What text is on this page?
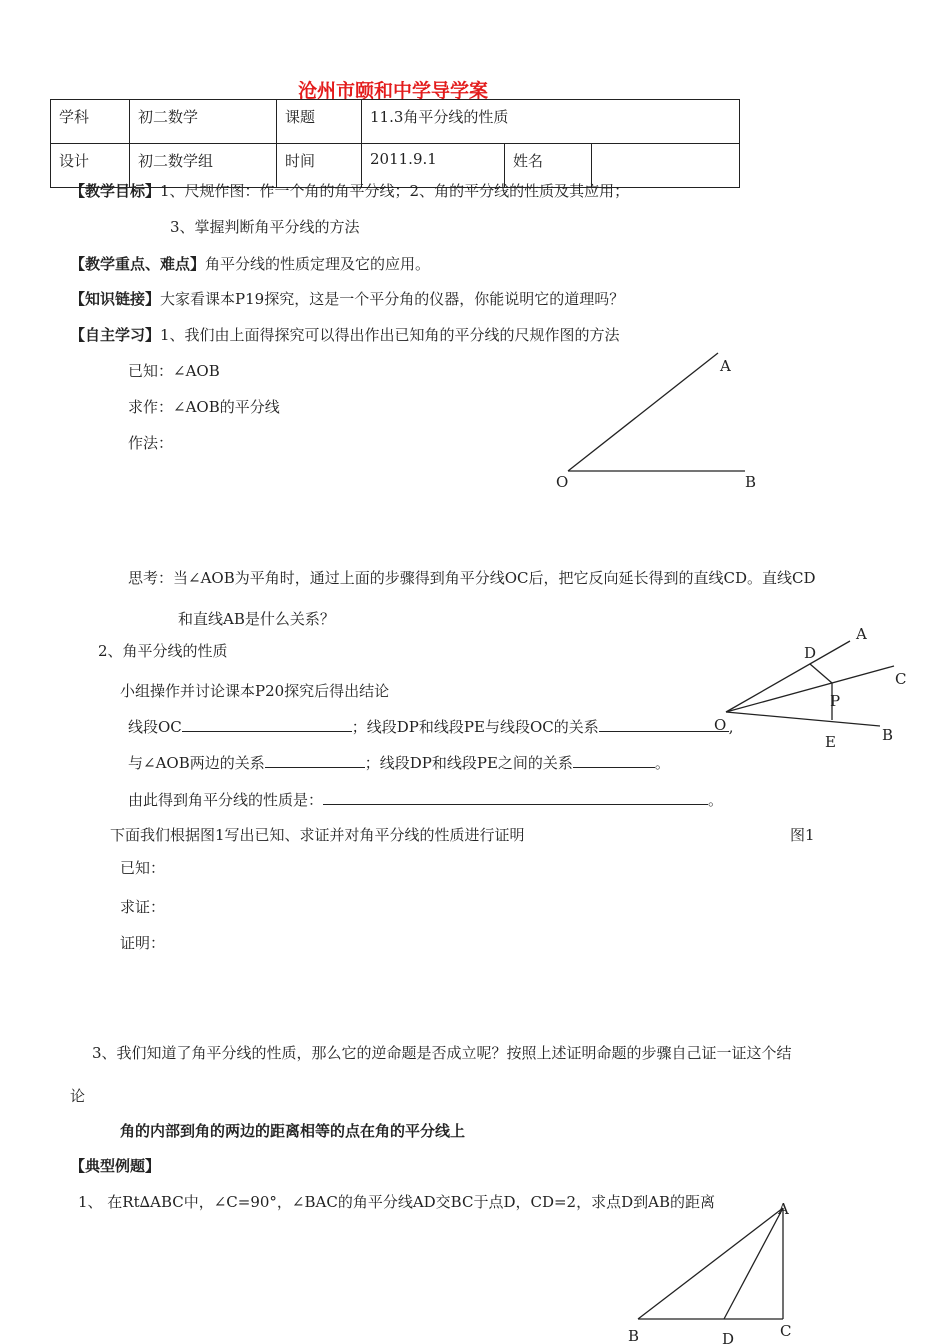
沧州市颐和中学导学案
学科	初二数学	课题	11.3角平分线的性质		
设计	初二数学组	时间	2011.9.1	姓名	
【教学目标】1、尺规作图：作一个角的角平分线；2、角的平分线的性质及其应用；
3、掌握判断角平分线的方法
【教学重点、难点】角平分线的性质定理及它的应用。
【知识链接】大家看课本P19探究，这是一个平分角的仪器，你能说明它的道理吗？
【自主学习】1、我们由上面得探究可以得出作出已知角的平分线的尺规作图的方法
已知：∠AOB
求作：∠AOB的平分线
作法：
A
O	B
思考：当∠AOB为平角时，通过上面的步骤得到角平分线OC后，把它反向延长得到的直线CD。直线CD
和直线AB是什么关系？
2、角平分线的性质
A
D
C
P
O
E	B
小组操作并讨论课本P20探究后得出结论
线段OC	；线段DP和线段PE与线段OC的关系	,
与∠AOB两边的关系	；线段DP和线段PE之间的关系	。
由此得到角平分线的性质是：	。
下面我们根据图1写出已知、求证并对角平分线的性质进行证明	图1
已知：
求证：
证明：
3、我们知道了角平分线的性质，那么它的逆命题是否成立呢？按照上述证明命题的步骤自己证一证这个结
论
角的内部到角的两边的距离相等的点在角的平分线上
【典型例题】
1、 在Rt∆ABC中，∠C=90°，∠BAC的角平分线AD交BC于点D，CD=2，求点D到AB的距离	A
B	D	C
